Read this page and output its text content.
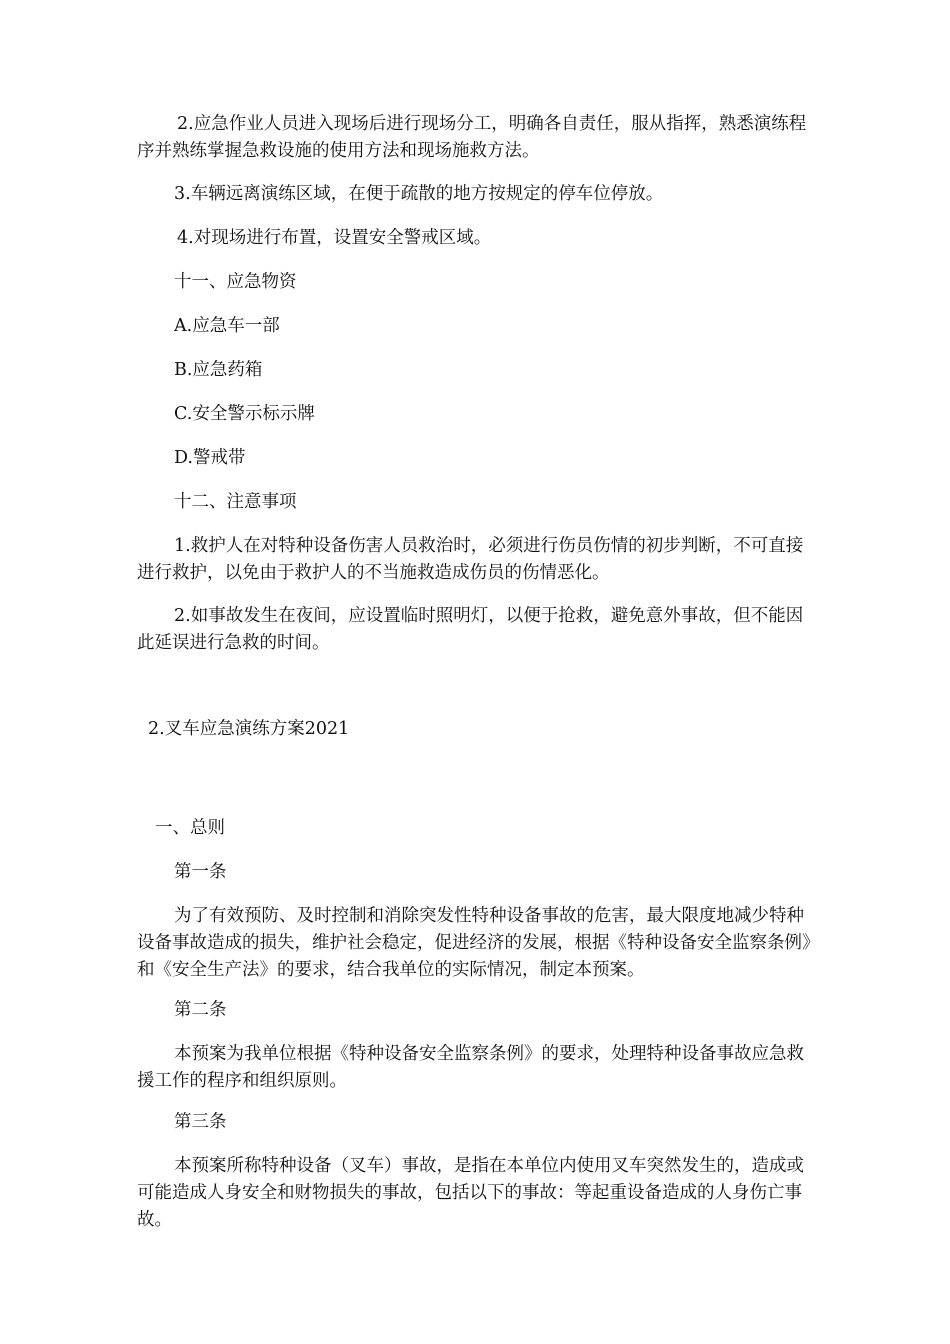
2.应急作业人员进入现场后进行现场分工，明确各自责任，服从指挥，熟悉演练程序并熟练掌握急救设施的使用方法和现场施救方法。

3.车辆远离演练区域，在便于疏散的地方按规定的停车位停放。

4.对现场进行布置，设置安全警戒区域。

十一、应急物资

A.应急车一部

B.应急药箱

C.安全警示标示牌

D.警戒带

十二、注意事项

1.救护人在对特种设备伤害人员救治时，必须进行伤员伤情的初步判断，不可直接进行救护，以免由于救护人的不当施救造成伤员的伤情恶化。

2.如事故发生在夜间，应设置临时照明灯，以便于抢救，避免意外事故，但不能因此延误进行急救的时间。

2.叉车应急演练方案2021

一、总则

第一条

为了有效预防、及时控制和消除突发性特种设备事故的危害，最大限度地减少特种设备事故造成的损失，维护社会稳定，促进经济的发展，根据《特种设备安全监察条例》和《安全生产法》的要求，结合我单位的实际情况，制定本预案。

第二条

本预案为我单位根据《特种设备安全监察条例》的要求，处理特种设备事故应急救援工作的程序和组织原则。

第三条

本预案所称特种设备（叉车）事故，是指在本单位内使用叉车突然发生的，造成或可能造成人身安全和财物损失的事故，包括以下的事故：等起重设备造成的人身伤亡事故。
